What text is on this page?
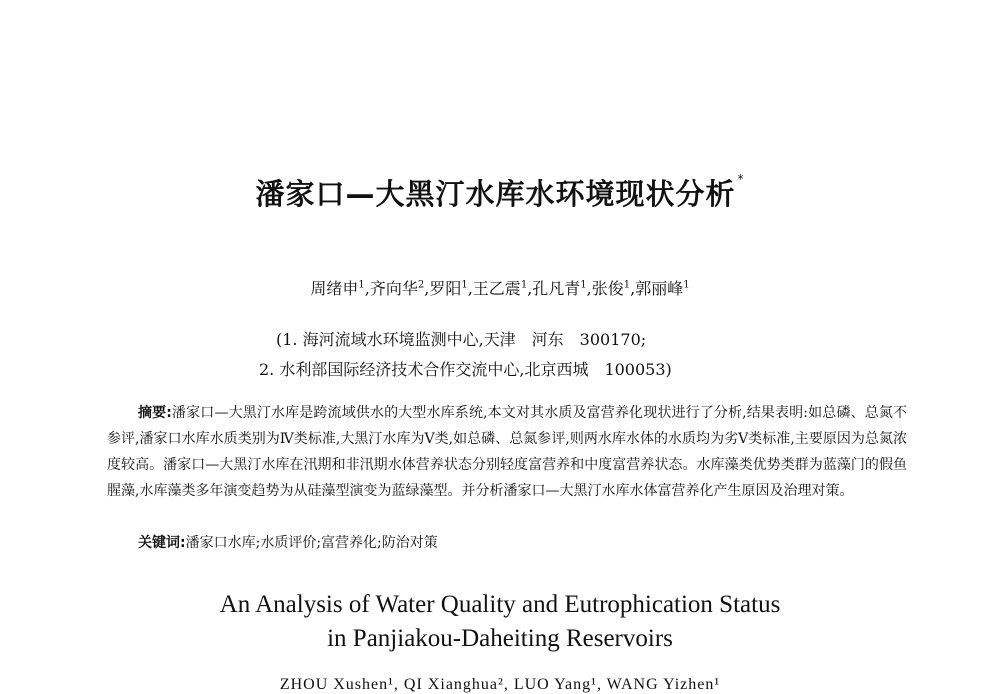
潘家口—大黑汀水库水环境现状分析 *
周绪申$^1$,齐向华$^2$,罗阳$^1$,王乙震$^1$,孔凡青$^1$,张俊$^1$,郭丽峰$^1$
(1. 海河流域水环境监测中心,天津　河东　300170;
2. 水利部国际经济技术合作交流中心,北京西城　100053)
摘要:潘家口—大黑汀水库是跨流域供水的大型水库系统,本文对其水质及富营养化现状进行了分析,结果表明:如总磷、总氮不参评,潘家口水库水质类别为Ⅳ类标准,大黑汀水库为Ⅴ类,如总磷、总氮参评,则两水库水体的水质均为劣Ⅴ类标准,主要原因为总氮浓度较高。潘家口—大黑汀水库在汛期和非汛期水体营养状态分别轻度富营养和中度富营养状态。水库藻类优势类群为蓝藻门的假鱼腥藻,水库藻类多年演变趋势为从硅藻型演变为蓝绿藻型。并分析潘家口—大黑汀水库水体富营养化产生原因及治理对策。
关键词:潘家口水库;水质评价;富营养化;防治对策
An Analysis of Water Quality and Eutrophication Status
in Panjiakou-Daheiting Reservoirs
ZHOU Xushen¹, QI Xianghua², LUO Yang¹, WANG Yizhen¹
